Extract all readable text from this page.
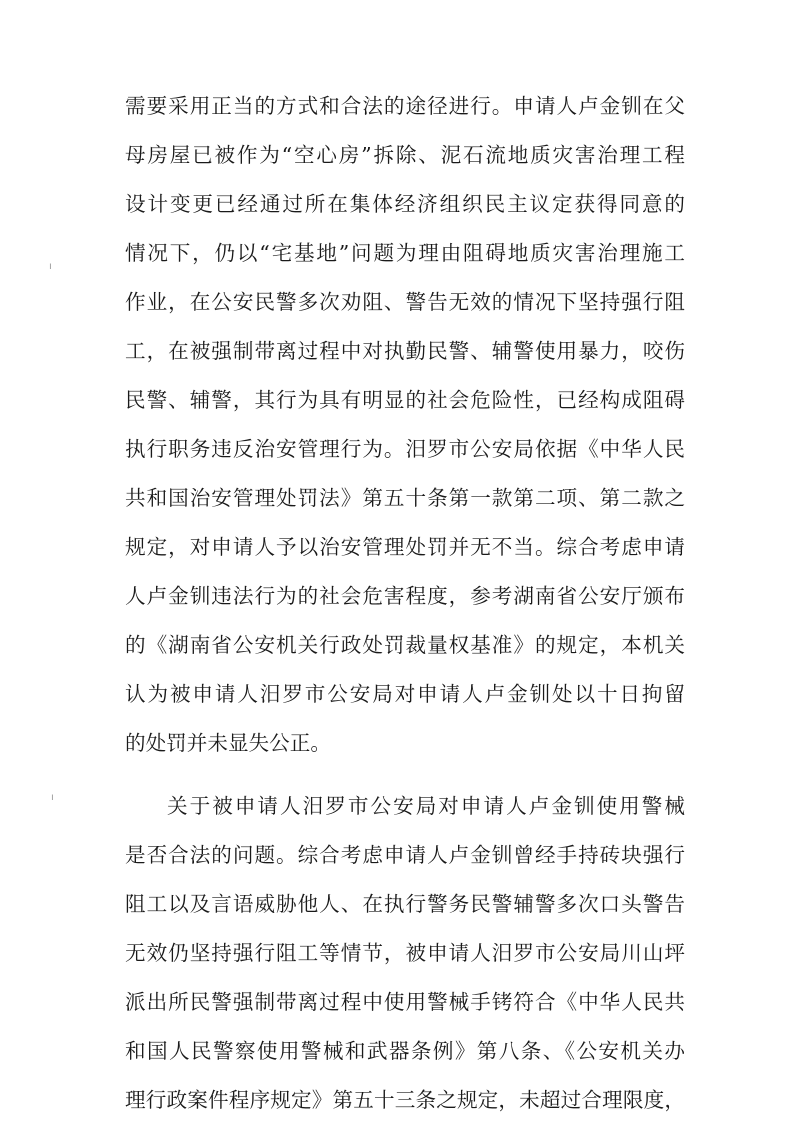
需要采用正当的方式和合法的途径进行。申请人卢金钏在父
母房屋已被作为“空心房”拆除、泥石流地质灾害治理工程
设计变更已经通过所在集体经济组织民主议定获得同意的
情况下，仍以“宅基地”问题为理由阻碍地质灾害治理施工
作业，在公安民警多次劝阻、警告无效的情况下坚持强行阻
工，在被强制带离过程中对执勤民警、辅警使用暴力，咬伤
民警、辅警，其行为具有明显的社会危险性，已经构成阻碍
执行职务违反治安管理行为。汨罗市公安局依据《中华人民
共和国治安管理处罚法》第五十条第一款第二项、第二款之
规定，对申请人予以治安管理处罚并无不当。综合考虑申请
人卢金钏违法行为的社会危害程度，参考湖南省公安厅颁布
的《湖南省公安机关行政处罚裁量权基准》的规定，本机关
认为被申请人汨罗市公安局对申请人卢金钏处以十日拘留
的处罚并未显失公正。
关于被申请人汨罗市公安局对申请人卢金钏使用警械
是否合法的问题。综合考虑申请人卢金钏曾经手持砖块强行
阻工以及言语威胁他人、在执行警务民警辅警多次口头警告
无效仍坚持强行阻工等情节，被申请人汨罗市公安局川山坪
派出所民警强制带离过程中使用警械手铐符合《中华人民共
和国人民警察使用警械和武器条例》第八条、《公安机关办
理行政案件程序规定》第五十三条之规定，未超过合理限度，
ı
ı
